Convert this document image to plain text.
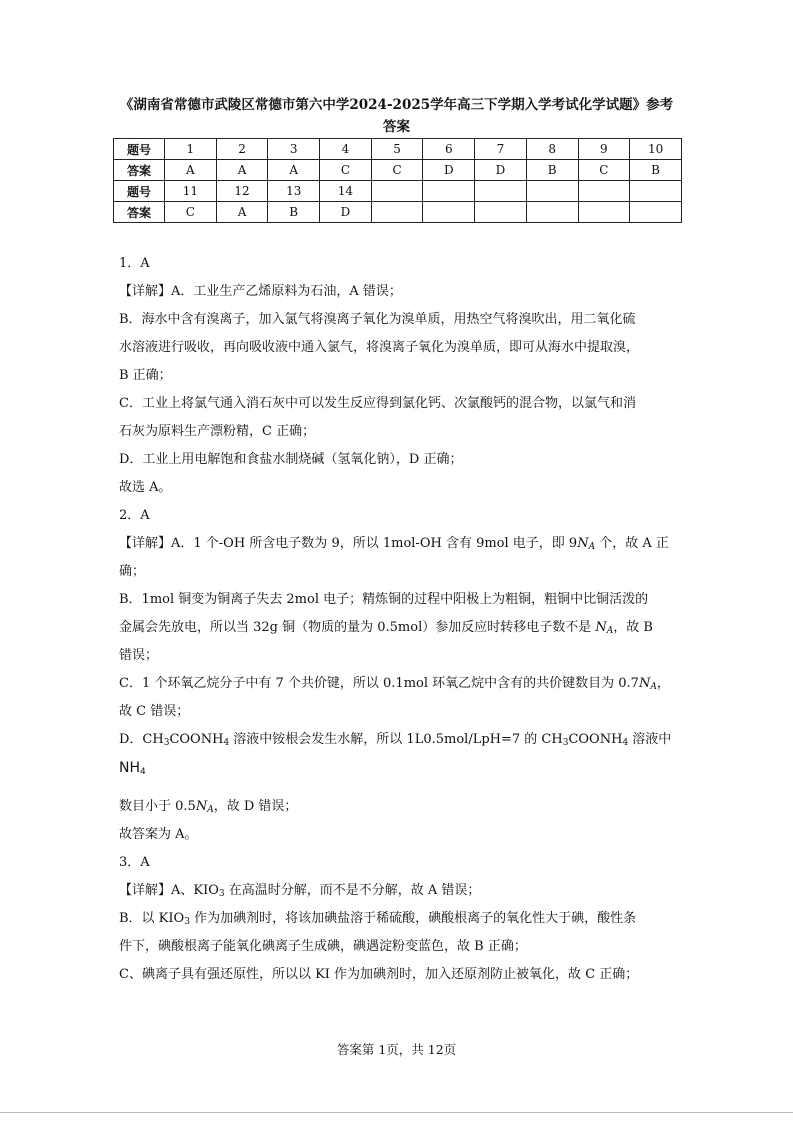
《湖南省常德市武陵区常德市第六中学2024-2025学年高三下学期入学考试化学试题》参考
答案
题号	1	2	3	4	5	6	7	8	9	10
答案	A	A	A	C	C	D	D	B	C	B
题号	11	12	13	14						
答案	C	A	B	D						

1．A

【详解】A．工业生产乙烯原料为石油，A 错误；

B．海水中含有溴离子，加入氯气将溴离子氧化为溴单质，用热空气将溴吹出，用二氧化硫

水溶液进行吸收，再向吸收液中通入氯气，将溴离子氧化为溴单质，即可从海水中提取溴，

B 正确；

C．工业上将氯气通入消石灰中可以发生反应得到氯化钙、次氯酸钙的混合物，以氯气和消

石灰为原料生产漂粉精，C 正确；

D．工业上用电解饱和食盐水制烧碱（氢氧化钠），D 正确；

故选 A。

2．A

【详解】A．1 个-OH 所含电子数为 9，所以 1mol-OH 含有 9mol 电子，即 $9N_A$ 个，故 A 正确；

B．1mol 铜变为铜离子失去 2mol 电子；精炼铜的过程中阳极上为粗铜，粗铜中比铜活泼的

金属会先放电，所以当 32g 铜（物质的量为 0.5mol）参加反应时转移电子数不是 $N_A$，故 B

错误；

C．1 个环氧乙烷分子中有 7 个共价键，所以 0.1mol 环氧乙烷中含有的共价键数目为 $0.7N_A$，

故 C 错误；

D．$CH_3COONH_4$ 溶液中铵根会发生水解，所以 1L0.5mol/LpH=7 的 $CH_3COONH_4$ 溶液中$NH_4$

数目小于 $0.5N_A$，故 D 错误；

故答案为 A。

3．A

【详解】A、$KIO_3$ 在高温时分解，而不是不分解，故 A 错误；

B．以 $KIO_3$ 作为加碘剂时，将该加碘盐溶于稀硫酸，碘酸根离子的氧化性大于碘，酸性条

件下，碘酸根离子能氧化碘离子生成碘，碘遇淀粉变蓝色，故 B 正确；

C、碘离子具有强还原性，所以以 KI 作为加碘剂时，加入还原剂防止被氧化，故 C 正确；

答案第 1页，共 12页
